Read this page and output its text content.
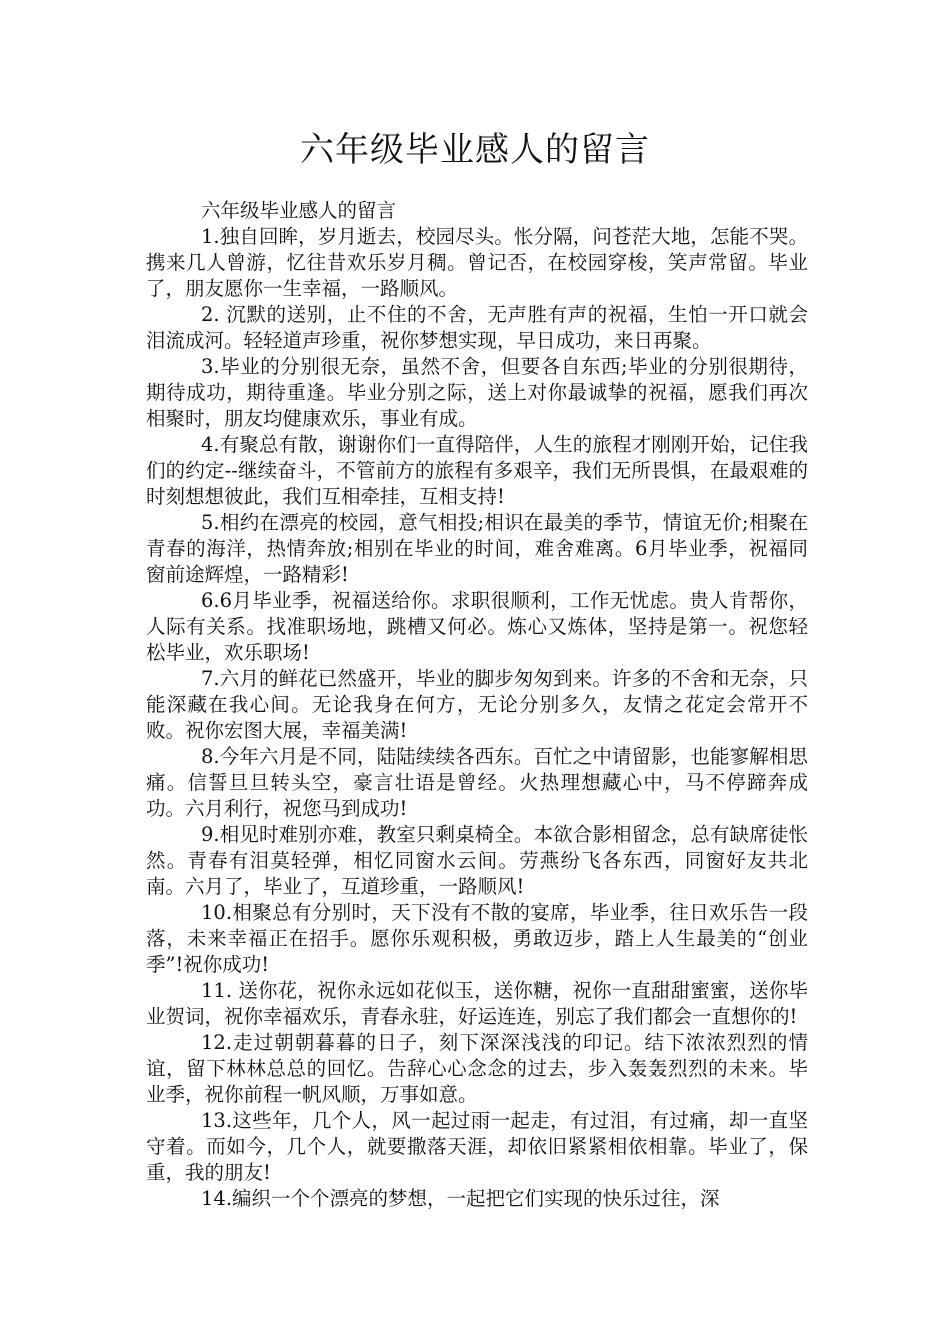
六年级毕业感人的留言

六年级毕业感人的留言

1.独自回眸，岁月逝去，校园尽头。怅分隔，问苍茫大地，怎能不哭。携来几人曾游，忆往昔欢乐岁月稠。曾记否，在校园穿梭，笑声常留。毕业了，朋友愿你一生幸福，一路顺风。

2. 沉默的送别，止不住的不舍，无声胜有声的祝福，生怕一开口就会泪流成河。轻轻道声珍重，祝你梦想实现，早日成功，来日再聚。

3.毕业的分别很无奈，虽然不舍，但要各自东西;毕业的分别很期待，期待成功，期待重逢。毕业分别之际，送上对你最诚挚的祝福，愿我们再次相聚时，朋友均健康欢乐，事业有成。

4.有聚总有散，谢谢你们一直得陪伴，人生的旅程才刚刚开始，记住我们的约定--继续奋斗，不管前方的旅程有多艰辛，我们无所畏惧，在最艰难的时刻想想彼此，我们互相牵挂，互相支持!

5.相约在漂亮的校园，意气相投;相识在最美的季节，情谊无价;相聚在青春的海洋，热情奔放;相别在毕业的时间，难舍难离。6月毕业季，祝福同窗前途辉煌，一路精彩!

6.6月毕业季，祝福送给你。求职很顺利，工作无忧虑。贵人肯帮你，人际有关系。找准职场地，跳槽又何必。炼心又炼体，坚持是第一。祝您轻松毕业，欢乐职场!

7.六月的鲜花已然盛开，毕业的脚步匆匆到来。许多的不舍和无奈，只能深藏在我心间。无论我身在何方，无论分别多久，友情之花定会常开不败。祝你宏图大展，幸福美满!

8.今年六月是不同，陆陆续续各西东。百忙之中请留影，也能寥解相思痛。信誓旦旦转头空，豪言壮语是曾经。火热理想藏心中，马不停蹄奔成功。六月利行，祝您马到成功!

9.相见时难别亦难，教室只剩桌椅全。本欲合影相留念，总有缺席徒怅然。青春有泪莫轻弹，相忆同窗水云间。劳燕纷飞各东西，同窗好友共北南。六月了，毕业了，互道珍重，一路顺风!

10.相聚总有分别时，天下没有不散的宴席，毕业季，往日欢乐告一段落，未来幸福正在招手。愿你乐观积极，勇敢迈步，踏上人生最美的“创业季”!祝你成功!

11. 送你花，祝你永远如花似玉，送你糖，祝你一直甜甜蜜蜜，送你毕业贺词，祝你幸福欢乐，青春永驻，好运连连，别忘了我们都会一直想你的!

12.走过朝朝暮暮的日子，刻下深深浅浅的印记。结下浓浓烈烈的情谊，留下林林总总的回忆。告辞心心念念的过去，步入轰轰烈烈的未来。毕业季，祝你前程一帆风顺，万事如意。

13.这些年，几个人，风一起过雨一起走，有过泪，有过痛，却一直坚守着。而如今，几个人，就要撒落天涯，却依旧紧紧相依相靠。毕业了，保重，我的朋友!

14.编织一个个漂亮的梦想，一起把它们实现的快乐过往，深
